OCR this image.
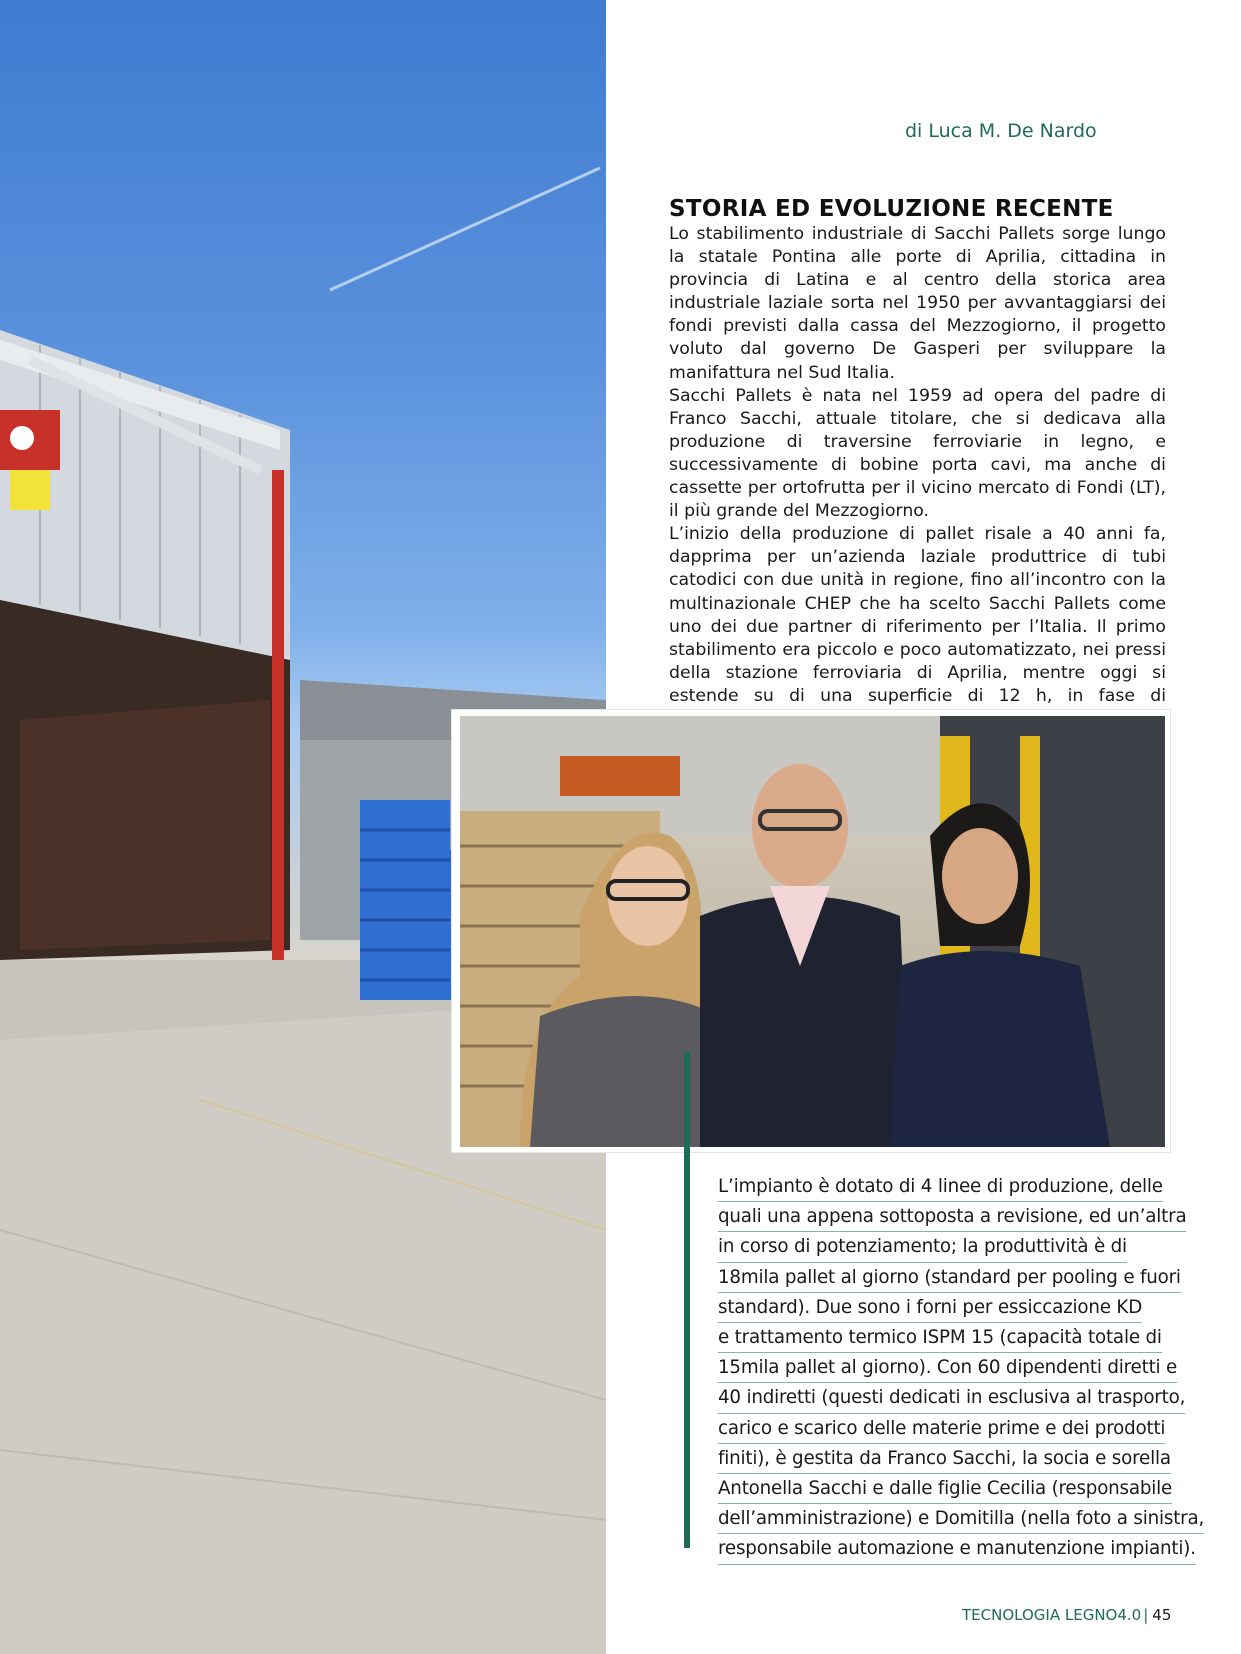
di Luca M. De Nardo
STORIA ED EVOLUZIONE RECENTE

Lo stabilimento industriale di Sacchi Pallets sorge lungo la statale Pontina alle porte di Aprilia, cittadina in provincia di Latina e al centro della storica area industriale laziale sorta nel 1950 per avvantaggiarsi dei fondi previsti dalla cassa del Mezzogiorno, il progetto voluto dal governo De Gasperi per sviluppare la manifattura nel Sud Italia.

Sacchi Pallets è nata nel 1959 ad opera del padre di Franco Sacchi, attuale titolare, che si dedicava alla produzione di traversine ferroviarie in legno, e successivamente di bobine porta cavi, ma anche di cassette per ortofrutta per il vicino mercato di Fondi (LT), il più grande del Mezzogiorno.

L’inizio della produzione di pallet risale a 40 anni fa, dapprima per un’azienda laziale produttrice di tubi catodici con due unità in regione, fino all’incontro con la multinazionale CHEP che ha scelto Sacchi Pallets come uno dei due partner di riferimento per l’Italia. Il primo stabilimento era piccolo e poco automatizzato, nei pressi della stazione ferroviaria di Aprilia, mentre oggi si estende su di una superficie di 12 h, in fase di

L’impianto è dotato di 4 linee di produzione, delle
quali una appena sottoposta a revisione, ed un’altra
in corso di potenziamento; la produttività è di
18mila pallet al giorno (standard per pooling e fuori
standard). Due sono i forni per essiccazione KD
e trattamento termico ISPM 15 (capacità totale di
15mila pallet al giorno). Con 60 dipendenti diretti e
40 indiretti (questi dedicati in esclusiva al trasporto,
carico e scarico delle materie prime e dei prodotti
finiti), è gestita da Franco Sacchi, la socia e sorella
Antonella Sacchi e dalle figlie Cecilia (responsabile
dell’amministrazione) e Domitilla (nella foto a sinistra,
responsabile automazione e manutenzione impianti).
TECNOLOGIA LEGNO4.0 | 45
